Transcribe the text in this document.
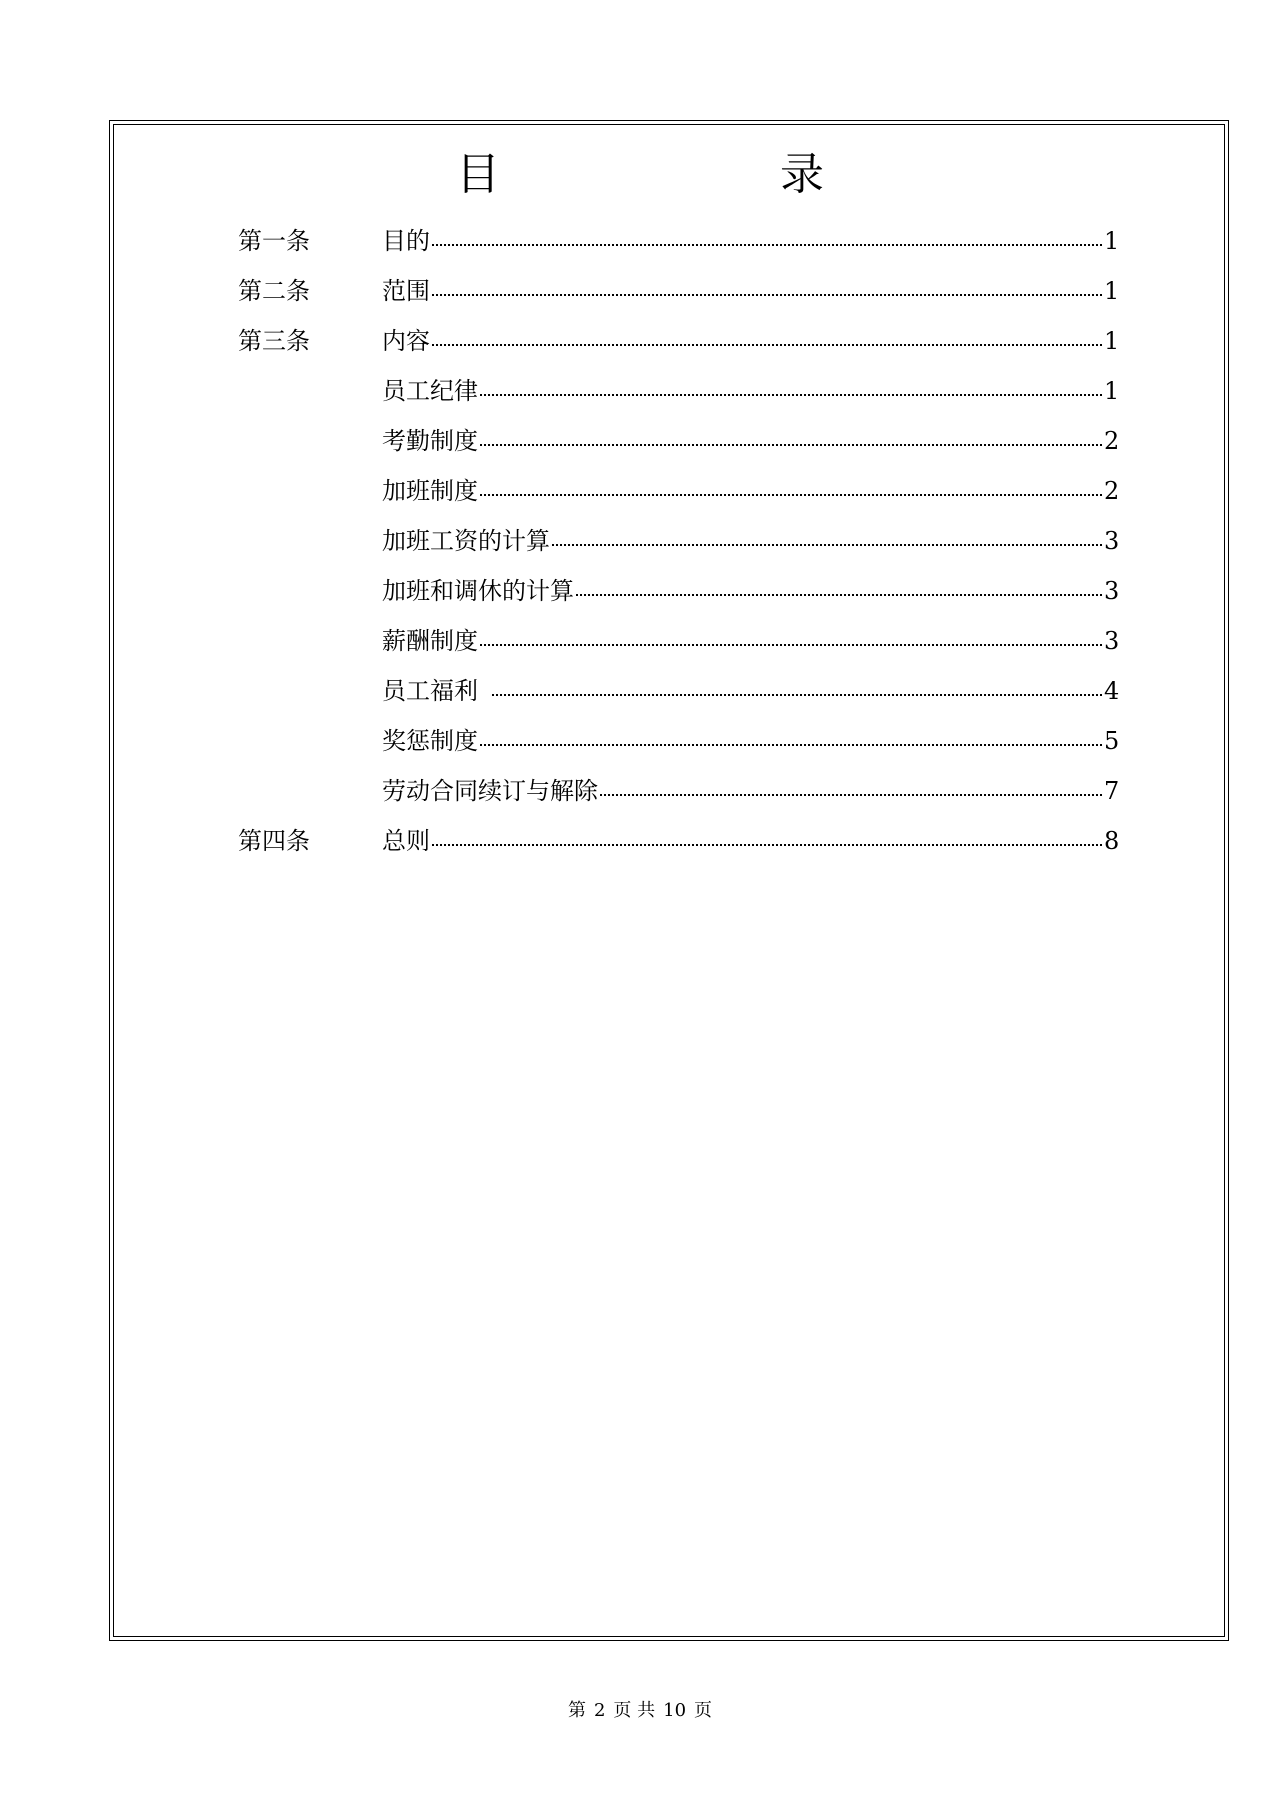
目　　录
第一条	目的	1
第二条	范围	1
第三条	内容	1
员工纪律	1
考勤制度	2
加班制度	2
加班工资的计算	3
加班和调休的计算	3
薪酬制度	3
员工福利	4
奖惩制度	5
劳动合同续订与解除	7
第四条	总则	8
第 2 页 共 10 页
